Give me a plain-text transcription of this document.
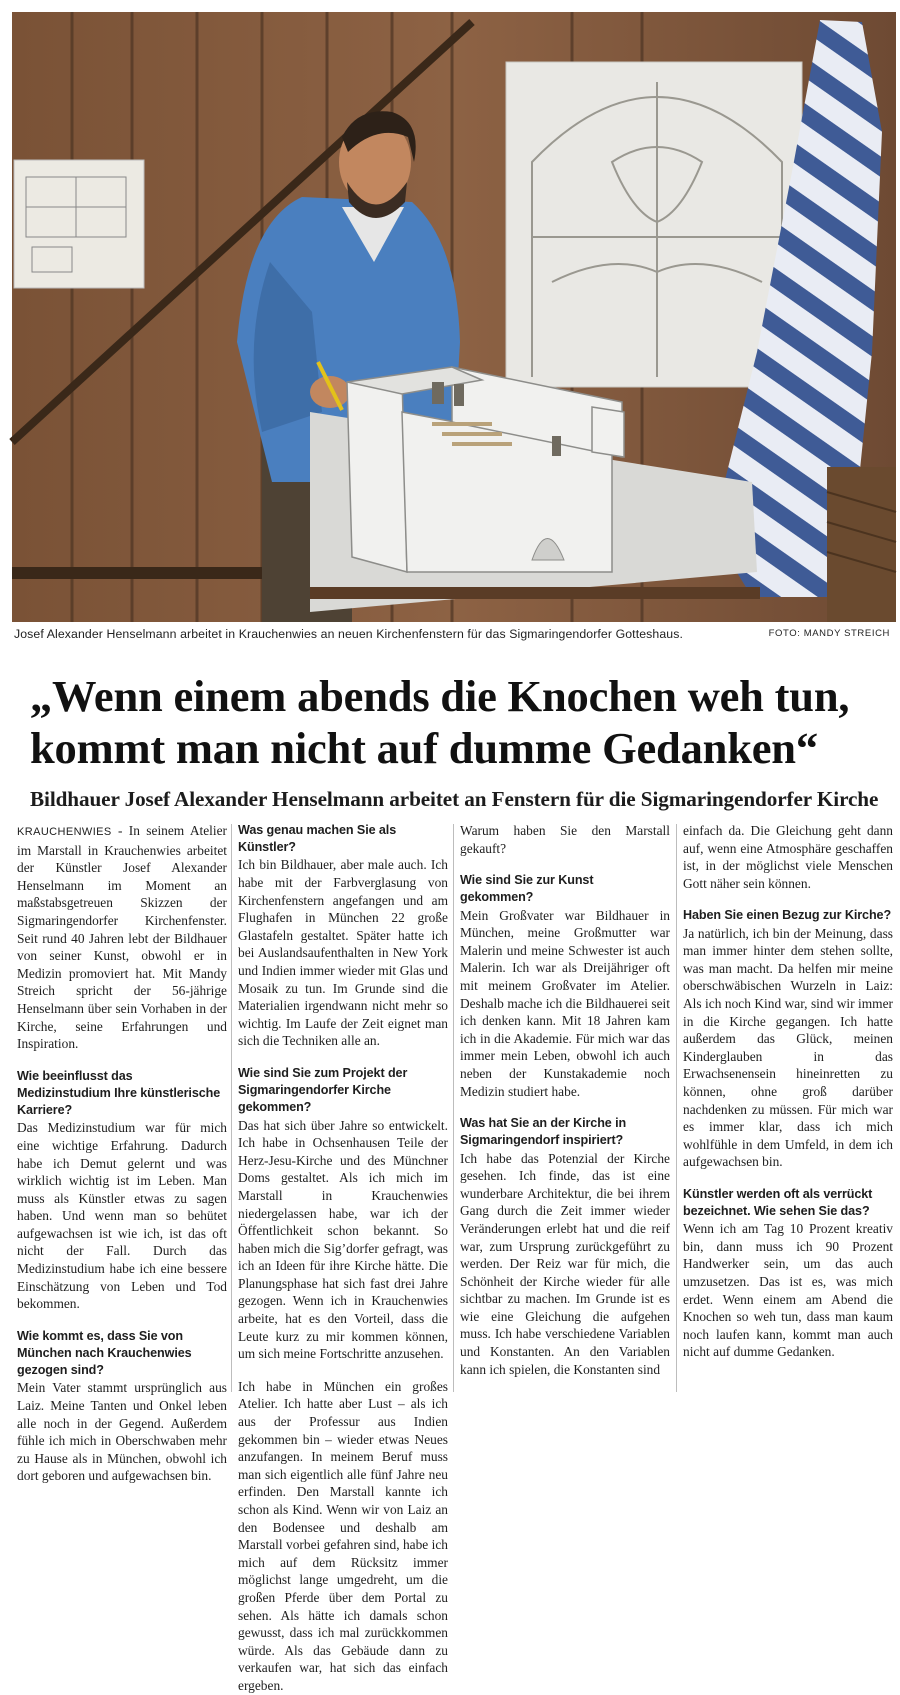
Josef Alexander Henselmann arbeitet in Krauchenwies an neuen Kirchenfenstern für das Sigmaringendorfer Gotteshaus.	FOTO: MANDY STREICH
„Wenn einem abends die Knochen weh tun,
kommt man nicht auf dumme Gedanken“
Bildhauer Josef Alexander Henselmann arbeitet an Fenstern für die Sigmaringendorfer Kirche

KRAUCHENWIES - In seinem Atelier im Marstall in Krauchenwies arbeitet der Künstler Josef Alexander Henselmann im Moment an maßstabsgetreuen Skizzen der Sigmaringendorfer Kirchenfenster. Seit rund 40 Jahren lebt der Bildhauer von seiner Kunst, obwohl er in Medizin promoviert hat. Mit Mandy Streich spricht der 56-jährige Henselmann über sein Vorhaben in der Kirche, seine Erfahrungen und Inspiration.

Wie beeinflusst das Medizinstudium Ihre künstlerische Karriere?

Das Medizinstudium war für mich eine wichtige Erfahrung. Dadurch habe ich Demut gelernt und was wirklich wichtig ist im Leben. Man muss als Künstler etwas zu sagen haben. Und wenn man so behütet aufgewachsen ist wie ich, ist das oft nicht der Fall. Durch das Medizinstudium habe ich eine bessere Einschätzung von Leben und Tod bekommen.

Wie kommt es, dass Sie von München nach Krauchenwies gezogen sind?

Mein Vater stammt ursprünglich aus Laiz. Meine Tanten und Onkel leben alle noch in der Gegend. Außerdem fühle ich mich in Oberschwaben mehr zu Hause als in München, obwohl ich dort geboren und aufgewachsen bin.

Was genau machen Sie als Künstler?

Ich bin Bildhauer, aber male auch. Ich habe mit der Farbverglasung von Kirchenfenstern angefangen und am Flughafen in München 22 große Glastafeln gestaltet. Später hatte ich bei Auslandsaufenthalten in New York und Indien immer wieder mit Glas und Mosaik zu tun. Im Grunde sind die Materialien irgendwann nicht mehr so wichtig. Im Laufe der Zeit eignet man sich die Techniken alle an.

Wie sind Sie zum Projekt der Sigmaringendorfer Kirche gekommen?

Das hat sich über Jahre so entwickelt. Ich habe in Ochsenhausen Teile der Herz-Jesu-Kirche und des Münchner Doms gestaltet. Als ich mich im Marstall in Krauchenwies niedergelassen habe, war ich der Öffentlichkeit schon bekannt. So haben mich die Sig’dorfer gefragt, was ich an Ideen für ihre Kirche hätte. Die Planungsphase hat sich fast drei Jahre gezogen. Wenn ich in Krauchenwies arbeite, hat es den Vorteil, dass die Leute kurz zu mir kommen können, um sich meine Fortschritte anzusehen.

Ich habe in München ein großes Atelier. Ich hatte aber Lust – als ich aus der Professur aus Indien gekommen bin – wieder etwas Neues anzufangen. In meinem Beruf muss man sich eigentlich alle fünf Jahre neu erfinden. Den Marstall kannte ich schon als Kind. Wenn wir von Laiz an den Bodensee und deshalb am Marstall vorbei gefahren sind, habe ich mich auf dem Rücksitz immer möglichst lange umgedreht, um die großen Pferde über dem Portal zu sehen. Als hätte ich damals schon gewusst, dass ich mal zurückkommen würde. Als das Gebäude dann zu verkaufen war, hat sich das einfach ergeben.

Warum haben Sie den Marstall gekauft?

Wie sind Sie zur Kunst gekommen?

Mein Großvater war Bildhauer in München, meine Großmutter war Malerin und meine Schwester ist auch Malerin. Ich war als Dreijähriger oft mit meinem Großvater im Atelier. Deshalb mache ich die Bildhauerei seit ich denken kann. Mit 18 Jahren kam ich in die Akademie. Für mich war das immer mein Leben, obwohl ich auch neben der Kunstakademie noch Medizin studiert habe.

Was hat Sie an der Kirche in Sigmaringendorf inspiriert?

Ich habe das Potenzial der Kirche gesehen. Ich finde, das ist eine wunderbare Architektur, die bei ihrem Gang durch die Zeit immer wieder Veränderungen erlebt hat und die reif war, zum Ursprung zurückgeführt zu werden. Der Reiz war für mich, die Schönheit der Kirche wieder für alle sichtbar zu machen. Im Grunde ist es wie eine Gleichung die aufgehen muss. Ich habe verschiedene Variablen und Konstanten. An den Variablen kann ich spielen, die Konstanten sind

einfach da. Die Gleichung geht dann auf, wenn eine Atmosphäre geschaffen ist, in der möglichst viele Menschen Gott näher sein können.

Haben Sie einen Bezug zur Kirche?

Ja natürlich, ich bin der Meinung, dass man immer hinter dem stehen sollte, was man macht. Da helfen mir meine oberschwäbischen Wurzeln in Laiz: Als ich noch Kind war, sind wir immer in die Kirche gegangen. Ich hatte außerdem das Glück, meinen Kinderglauben in das Erwachsenensein hineinretten zu können, ohne groß darüber nachdenken zu müssen. Für mich war es immer klar, dass ich mich wohlfühle in dem Umfeld, in dem ich aufgewachsen bin.

Künstler werden oft als verrückt bezeichnet. Wie sehen Sie das?

Wenn ich am Tag 10 Prozent kreativ bin, dann muss ich 90 Prozent Handwerker sein, um das auch umzusetzen. Das ist es, was mich erdet. Wenn einem am Abend die Knochen so weh tun, dass man kaum noch laufen kann, kommt man auch nicht auf dumme Gedanken.
